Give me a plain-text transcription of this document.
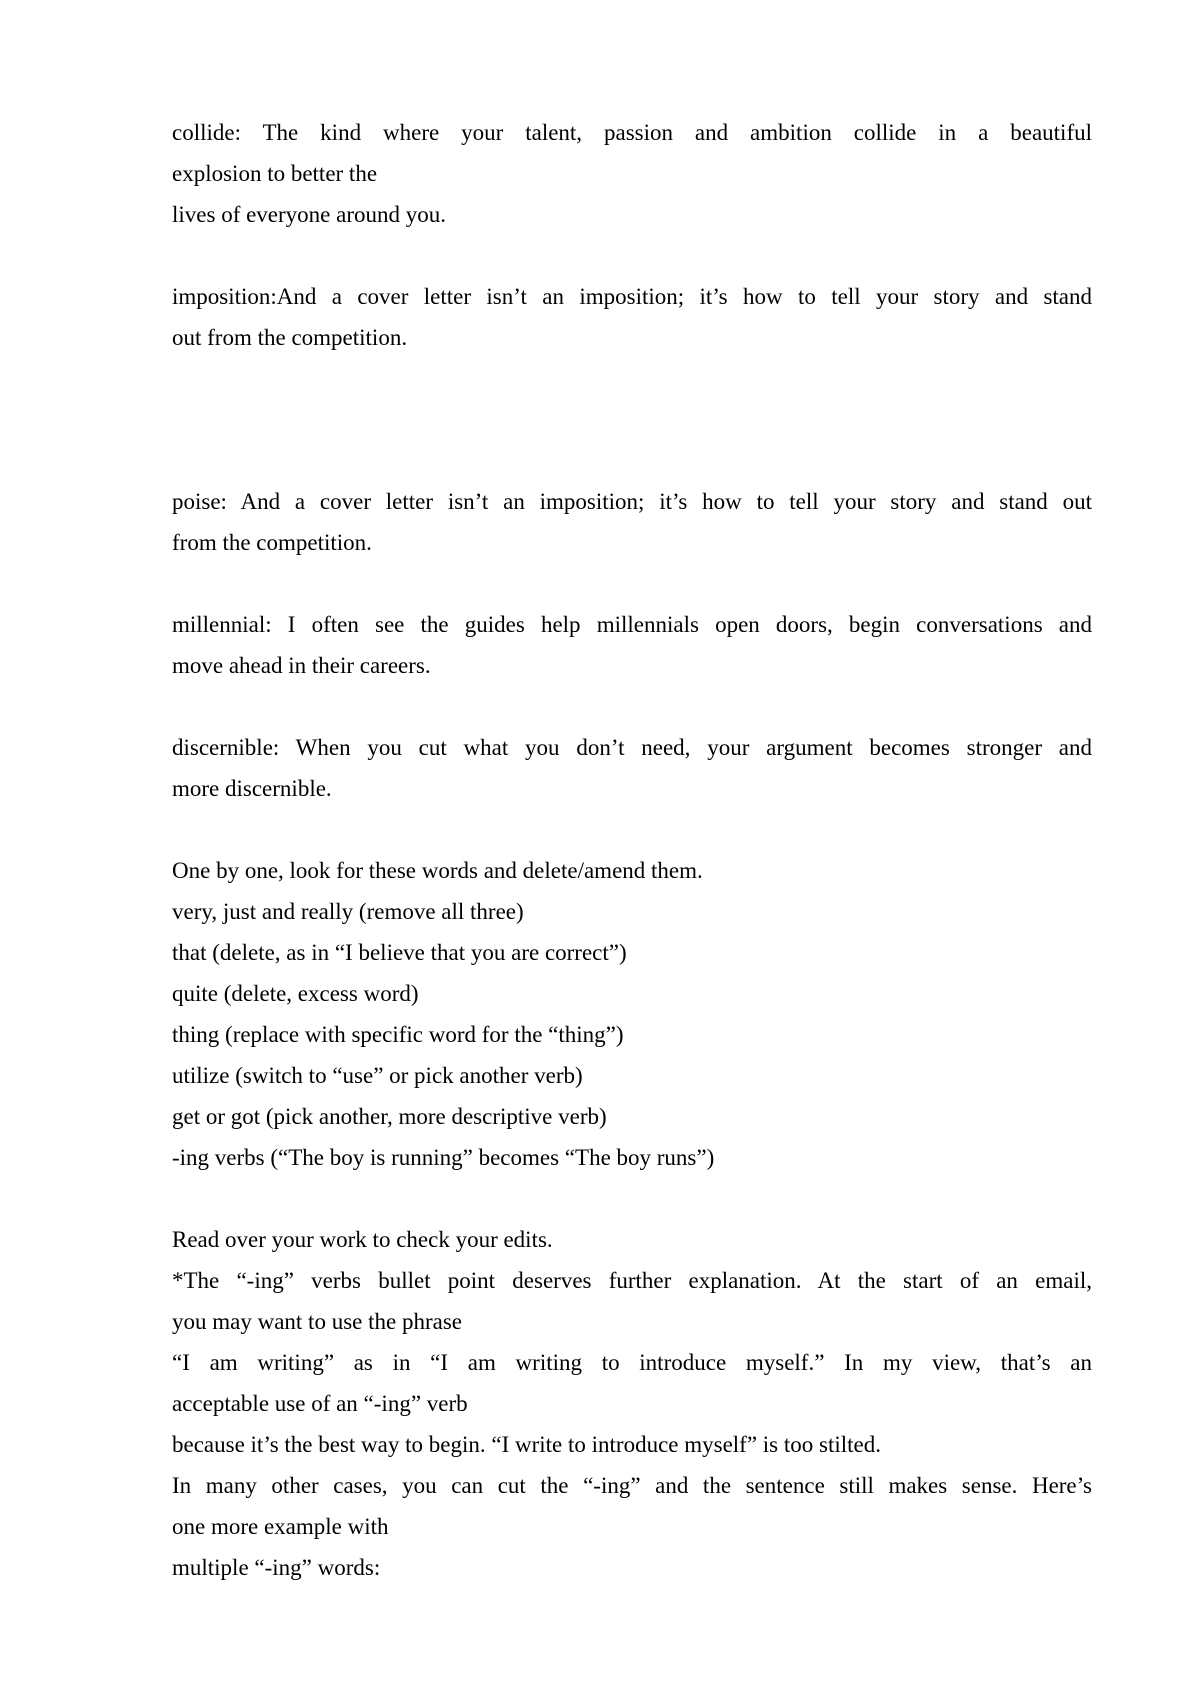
collide: The kind where your talent, passion and ambition collide in a beautiful

explosion to better the

lives of everyone around you.

imposition:And a cover letter isn’t an imposition; it’s how to tell your story and stand

out from the competition.

poise: And a cover letter isn’t an imposition; it’s how to tell your story and stand out

from the competition.

millennial: I often see the guides help millennials open doors, begin conversations and

move ahead in their careers.

discernible: When you cut what you don’t need, your argument becomes stronger and

more discernible.

One by one, look for these words and delete/amend them.

very, just and really (remove all three)

that (delete, as in “I believe that you are correct”)

quite (delete, excess word)

thing (replace with specific word for the “thing”)

utilize (switch to “use” or pick another verb)

get or got (pick another, more descriptive verb)

-ing verbs (“The boy is running” becomes “The boy runs”)

Read over your work to check your edits.

*The “-ing” verbs bullet point deserves further explanation. At the start of an email,

you may want to use the phrase

“I am writing” as in “I am writing to introduce myself.” In my view, that’s an

acceptable use of an “-ing” verb

because it’s the best way to begin. “I write to introduce myself” is too stilted.

In many other cases, you can cut the “-ing” and the sentence still makes sense. Here’s

one more example with

multiple “-ing” words:
